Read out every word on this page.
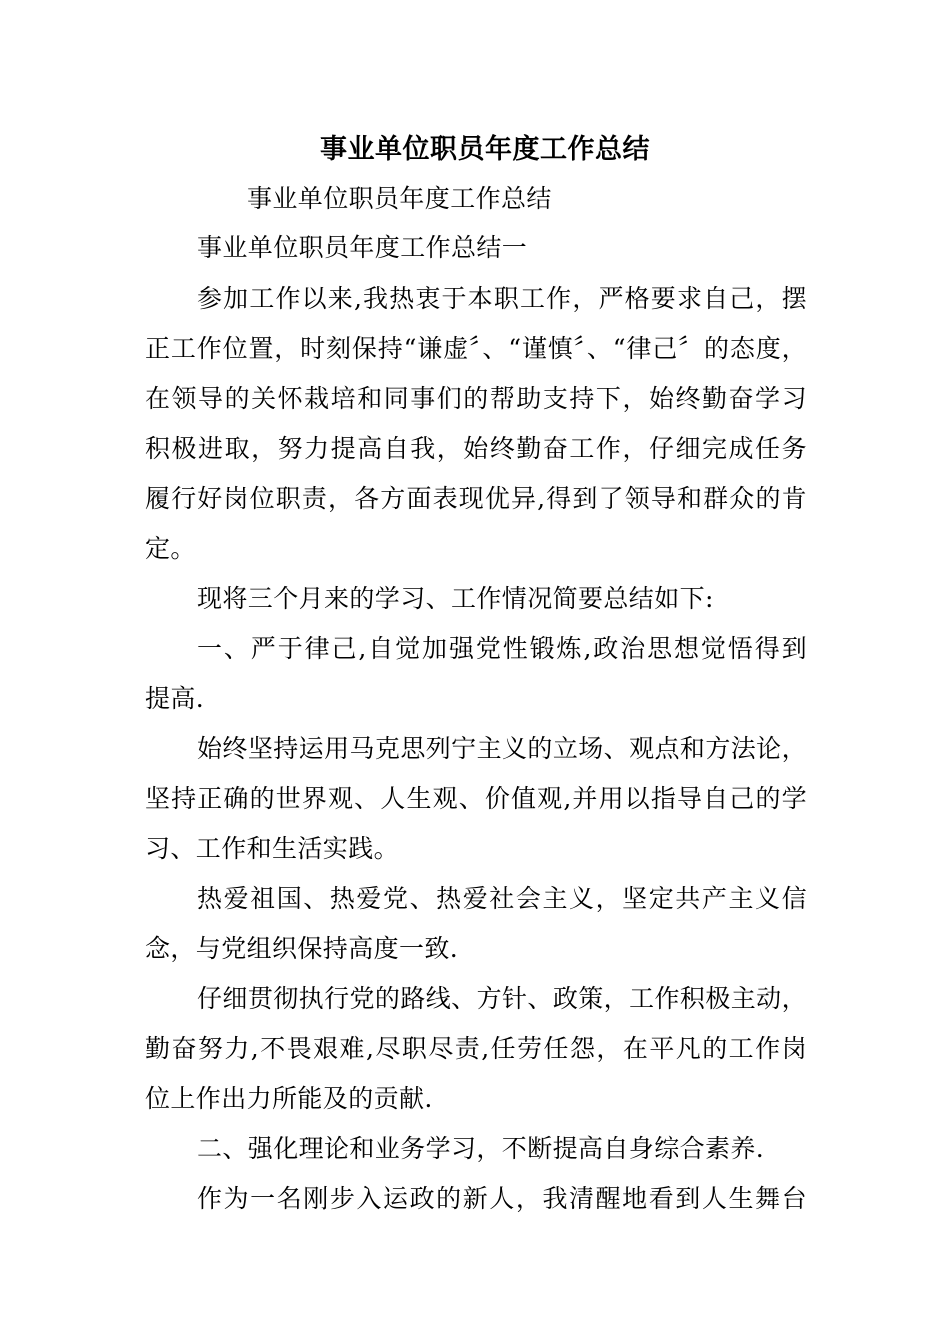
事业单位职员年度工作总结
事业单位职员年度工作总结
事业单位职员年度工作总结一
参加工作以来,我热衷于本职工作，严格要求自己，摆
正工作位置，时刻保持“谦虚〞、“谨慎〞、“律己〞的态度，
在领导的关怀栽培和同事们的帮助支持下，始终勤奋学习
积极进取，努力提高自我，始终勤奋工作，仔细完成任务
履行好岗位职责，各方面表现优异,得到了领导和群众的肯
定。
现将三个月来的学习、工作情况简要总结如下:
一、严于律己,自觉加强党性锻炼,政治思想觉悟得到
提高.
始终坚持运用马克思列宁主义的立场、观点和方法论，
坚持正确的世界观、人生观、价值观,并用以指导自己的学
习、工作和生活实践。
热爱祖国、热爱党、热爱社会主义，坚定共产主义信
念，与党组织保持高度一致.
仔细贯彻执行党的路线、方针、政策，工作积极主动，
勤奋努力,不畏艰难,尽职尽责,任劳任怨，在平凡的工作岗
位上作出力所能及的贡献.
二、强化理论和业务学习，不断提高自身综合素养.
作为一名刚步入运政的新人，我清醒地看到人生舞台
